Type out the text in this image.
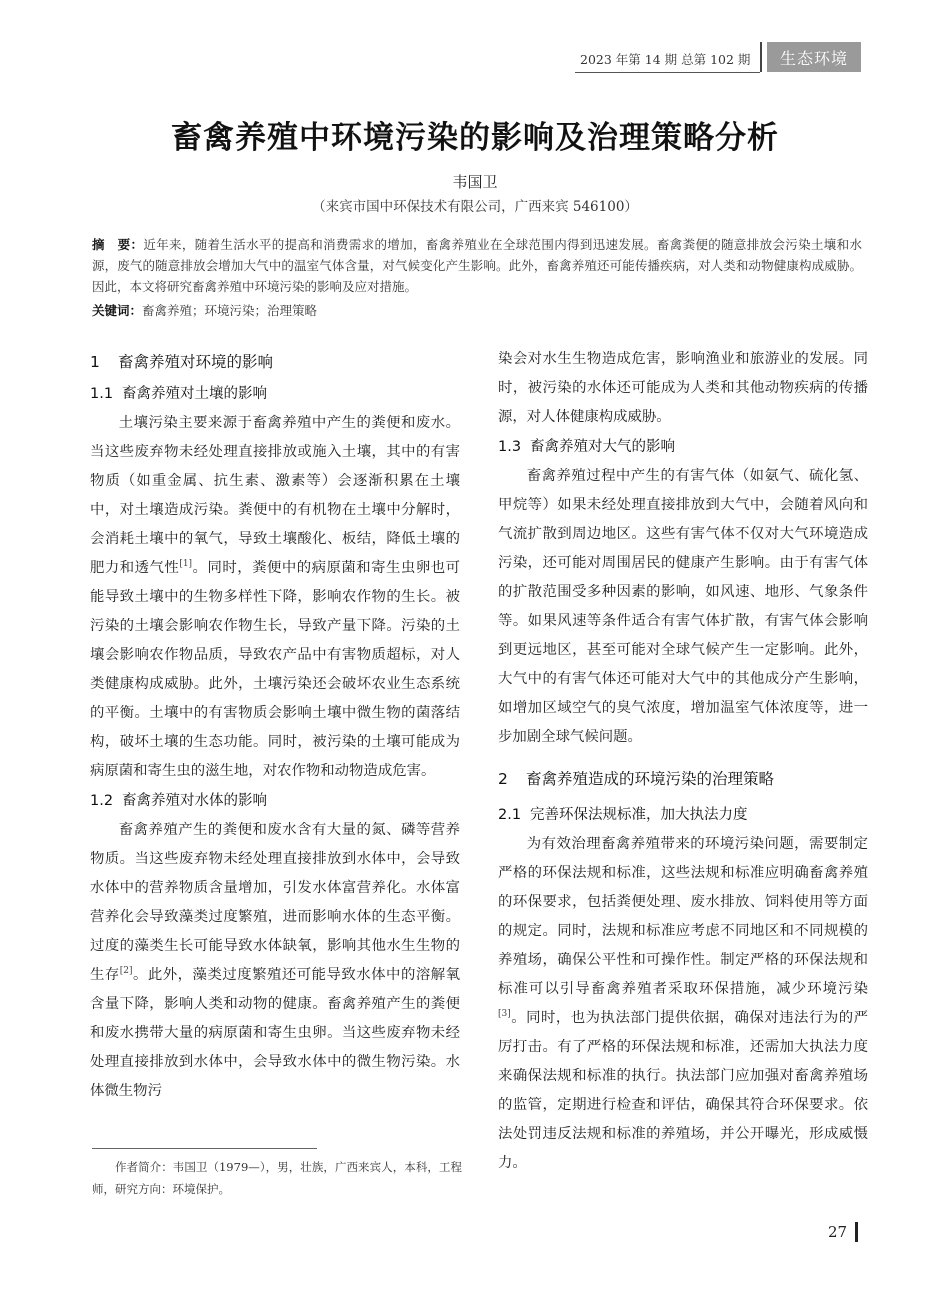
2023 年第 14 期 总第 102 期	生态环境
畜禽养殖中环境污染的影响及治理策略分析
韦国卫
（来宾市国中环保技术有限公司，广西来宾 546100）
摘　要：近年来，随着生活水平的提高和消费需求的增加，畜禽养殖业在全球范围内得到迅速发展。畜禽粪便的随意排放会污染土壤和水源，废气的随意排放会增加大气中的温室气体含量，对气候变化产生影响。此外，畜禽养殖还可能传播疾病，对人类和动物健康构成威胁。因此，本文将研究畜禽养殖中环境污染的影响及应对措施。
关键词：畜禽养殖；环境污染；治理策略
1 畜禽养殖对环境的影响
1.1 畜禽养殖对土壤的影响

土壤污染主要来源于畜禽养殖中产生的粪便和废水。当这些废弃物未经处理直接排放或施入土壤，其中的有害物质（如重金属、抗生素、激素等）会逐渐积累在土壤中，对土壤造成污染。粪便中的有机物在土壤中分解时，会消耗土壤中的氧气，导致土壤酸化、板结，降低土壤的肥力和透气性[1]。同时，粪便中的病原菌和寄生虫卵也可能导致土壤中的生物多样性下降，影响农作物的生长。被污染的土壤会影响农作物生长，导致产量下降。污染的土壤会影响农作物品质，导致农产品中有害物质超标，对人类健康构成威胁。此外，土壤污染还会破坏农业生态系统的平衡。土壤中的有害物质会影响土壤中微生物的菌落结构，破坏土壤的生态功能。同时，被污染的土壤可能成为病原菌和寄生虫的滋生地，对农作物和动物造成危害。

1.2 畜禽养殖对水体的影响

畜禽养殖产生的粪便和废水含有大量的氮、磷等营养物质。当这些废弃物未经处理直接排放到水体中，会导致水体中的营养物质含量增加，引发水体富营养化。水体富营养化会导致藻类过度繁殖，进而影响水体的生态平衡。过度的藻类生长可能导致水体缺氧，影响其他水生生物的生存[2]。此外，藻类过度繁殖还可能导致水体中的溶解氧含量下降，影响人类和动物的健康。畜禽养殖产生的粪便和废水携带大量的病原菌和寄生虫卵。当这些废弃物未经处理直接排放到水体中，会导致水体中的微生物污染。水体微生物污

作者简介：韦国卫（1979—），男，壮族，广西来宾人，本科，工程师，研究方向：环境保护。

染会对水生生物造成危害，影响渔业和旅游业的发展。同时，被污染的水体还可能成为人类和其他动物疾病的传播源，对人体健康构成威胁。

1.3 畜禽养殖对大气的影响

畜禽养殖过程中产生的有害气体（如氨气、硫化氢、甲烷等）如果未经处理直接排放到大气中，会随着风向和气流扩散到周边地区。这些有害气体不仅对大气环境造成污染，还可能对周围居民的健康产生影响。由于有害气体的扩散范围受多种因素的影响，如风速、地形、气象条件等。如果风速等条件适合有害气体扩散，有害气体会影响到更远地区，甚至可能对全球气候产生一定影响。此外，大气中的有害气体还可能对大气中的其他成分产生影响，如增加区域空气的臭气浓度，增加温室气体浓度等，进一步加剧全球气候问题。

2 畜禽养殖造成的环境污染的治理策略
2.1 完善环保法规标准，加大执法力度

为有效治理畜禽养殖带来的环境污染问题，需要制定严格的环保法规和标准，这些法规和标准应明确畜禽养殖的环保要求，包括粪便处理、废水排放、饲料使用等方面的规定。同时，法规和标准应考虑不同地区和不同规模的养殖场，确保公平性和可操作性。制定严格的环保法规和标准可以引导畜禽养殖者采取环保措施，减少环境污染[3]。同时，也为执法部门提供依据，确保对违法行为的严厉打击。有了严格的环保法规和标准，还需加大执法力度来确保法规和标准的执行。执法部门应加强对畜禽养殖场的监管，定期进行检查和评估，确保其符合环保要求。依法处罚违反法规和标准的养殖场，并公开曝光，形成威慑力。

27
